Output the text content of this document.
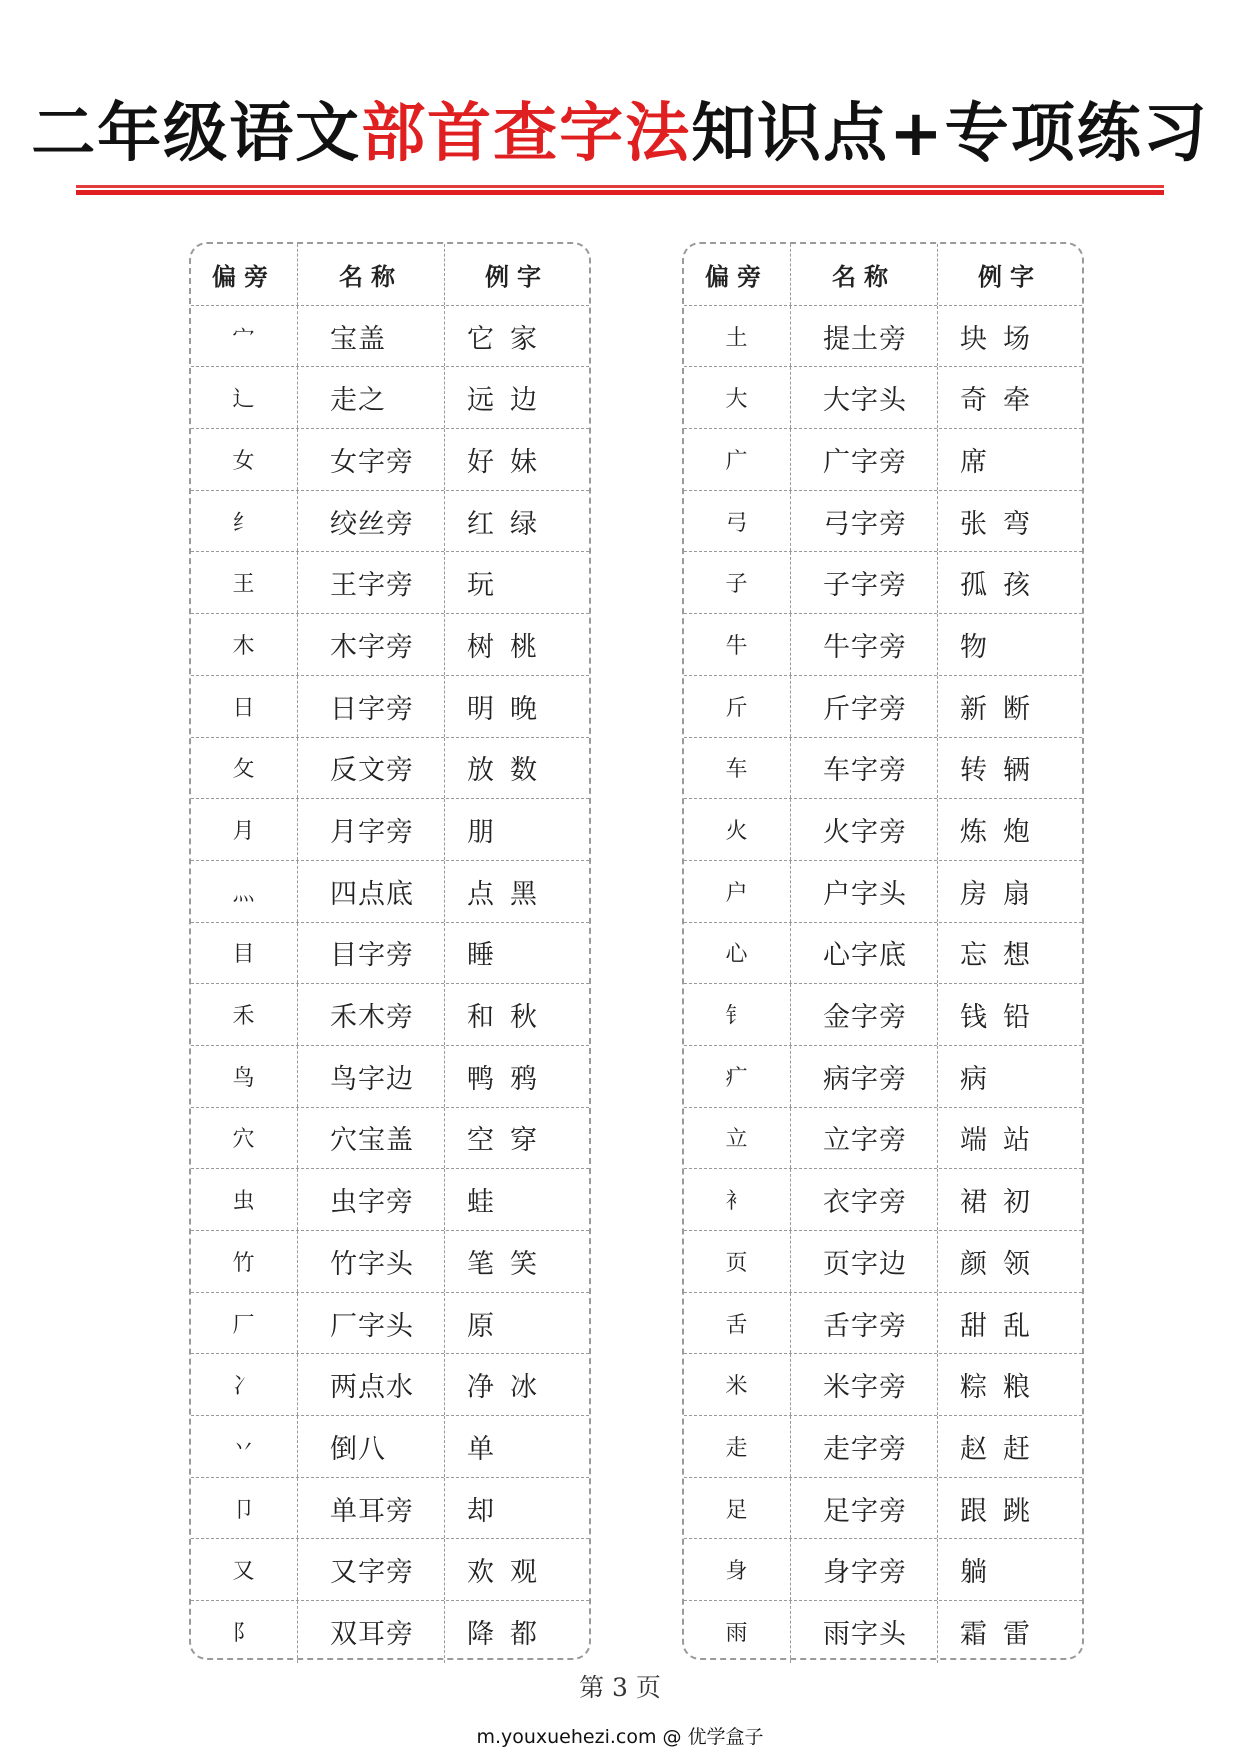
二年级语文部首查字法知识点+专项练习
偏旁	名称	例字
宀	宝盖	它家
辶	走之	远边
女	女字旁	好妹
纟	绞丝旁	红绿
王	王字旁	玩
木	木字旁	树桃
日	日字旁	明晚
攵	反文旁	放数
月	月字旁	朋
灬	四点底	点黑
目	目字旁	睡
禾	禾木旁	和秋
鸟	鸟字边	鸭鸦
穴	穴宝盖	空穿
虫	虫字旁	蛙
竹	竹字头	笔笑
厂	厂字头	原
冫	两点水	净冰
丷	倒八	单
卩	单耳旁	却
又	又字旁	欢观
阝	双耳旁	降都
偏旁	名称	例字
土	提土旁	块场
大	大字头	奇牵
广	广字旁	席
弓	弓字旁	张弯
子	子字旁	孤孩
牛	牛字旁	物
斤	斤字旁	新断
车	车字旁	转辆
火	火字旁	炼炮
户	户字头	房扇
心	心字底	忘想
钅	金字旁	钱铅
疒	病字旁	病
立	立字旁	端站
衤	衣字旁	裙初
页	页字边	颜领
舌	舌字旁	甜乱
米	米字旁	粽粮
走	走字旁	赵赶
足	足字旁	跟跳
身	身字旁	躺
雨	雨字头	霜雷
第 3 页
m.youxuehezi.com @ 优学盒子
